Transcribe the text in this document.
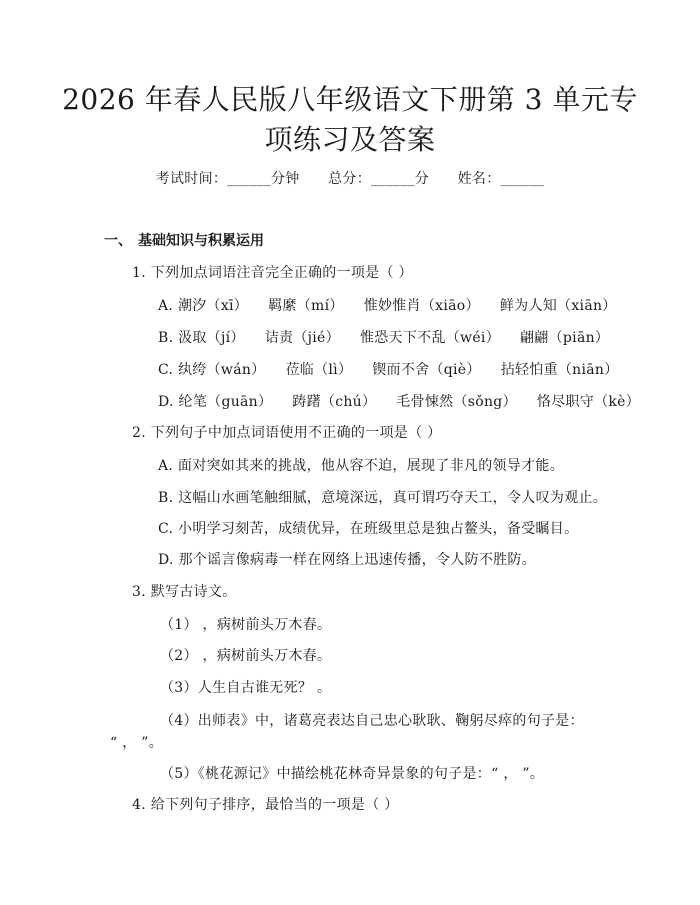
2026 年春人民版八年级语文下册第 3 单元专
项练习及答案
考试时间：______分钟 总分：______分 姓名：______
一、 基础知识与积累运用
1. 下列加点词语注音完全正确的一项是（ ）
A. 潮汐（xī） 羁縻（mí） 惟妙惟肖（xiāo） 鲜为人知（xiān）
B. 汲取（jí） 诘责（jié） 惟恐天下不乱（wéi） 翩翩（piān）
C. 纨绔（wán） 莅临（lì） 锲而不舍（qiè） 拈轻怕重（niān）
D. 纶笔（guān） 踌躇（chú） 毛骨悚然（sǒng） 恪尽职守（kè）
2. 下列句子中加点词语使用不正确的一项是（ ）
A. 面对突如其来的挑战，他从容不迫，展现了非凡的领导才能。
B. 这幅山水画笔触细腻，意境深远，真可谓巧夺天工，令人叹为观止。
C. 小明学习刻苦，成绩优异，在班级里总是独占鳌头，备受瞩目。
D. 那个谣言像病毒一样在网络上迅速传播，令人防不胜防。
3. 默写古诗文。
（1） ，病树前头万木春。
（2） ，病树前头万木春。
（3）人生自古谁无死？ 。
（4）出师表》中，诸葛亮表达自己忠心耿耿、鞠躬尽瘁的句子是：
“ ， ”。
（5）《桃花源记》中描绘桃花林奇异景象的句子是：“ ， ”。
4. 给下列句子排序，最恰当的一项是（ ）
